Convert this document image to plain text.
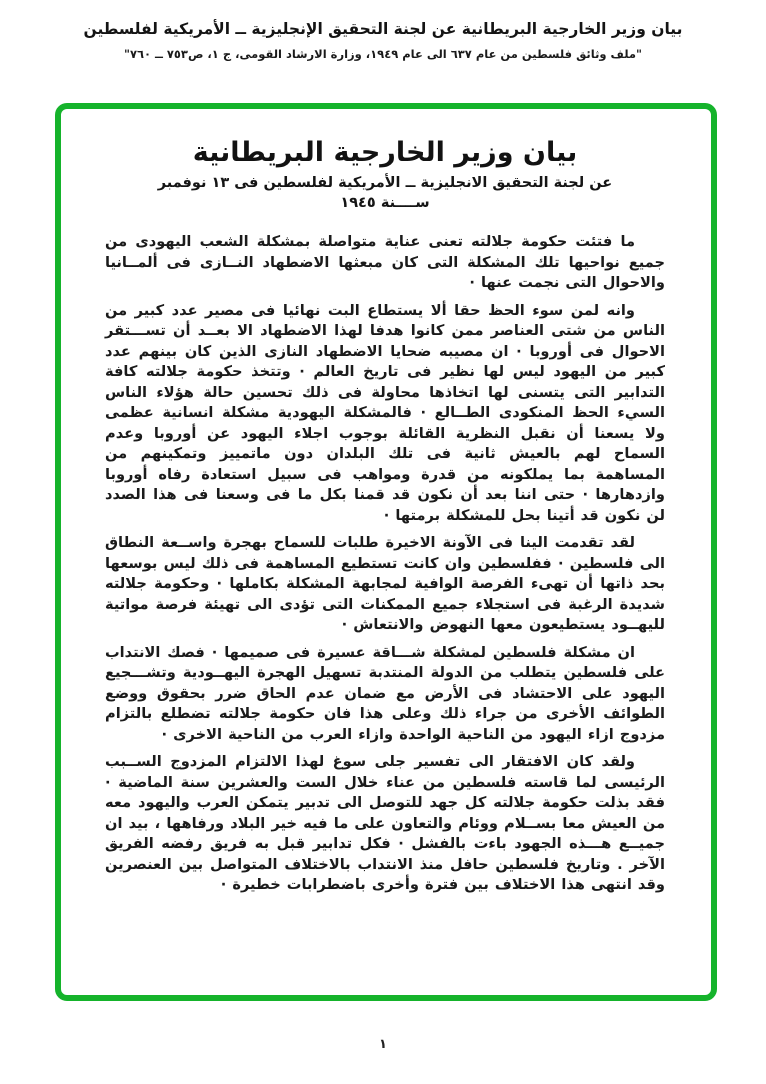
بيان وزير الخارجية البريطانية عن لجنة التحقيق الإنجليزية ــ الأمريكية لفلسطين
"ملف وثائق فلسطين من عام ٦٣٧ الى عام ١٩٤٩، وزارة الارشاد القومى، ج ١، ص٧٥٣ ــ ٧٦٠"
بيان وزير الخارجية البريطانية
عن لجنة التحقيق الانجليزية ــ الأمريكية لفلسطين فى ١٣ نوفمبر
ســــنة ١٩٤٥

ما فتئت حكومة جلالته تعنى عناية متواصلة بمشكلة الشعب اليهودى من جميع نواحيها تلك المشكلة التى كان مبعثها الاضطهاد النــازى فى ألمــانيا والاحوال التى نجمت عنها ·

وانه لمن سوء الحظ حقا ألا يستطاع البت نهائيا فى مصير عدد كبير من الناس من شتى العناصر ممن كانوا هدفا لهذا الاضطهاد الا بعــد أن تســـتقر الاحوال فى أوروبا · ان مصيبه ضحايا الاضطهاد النازى الذين كان بينهم عدد كبير من اليهود ليس لها نظير فى تاريخ العالم · وتتخذ حكومة جلالته كافة التدابير التى يتسنى لها اتخاذها محاولة فى ذلك تحسين حالة هؤلاء الناس السيء الحظ المنكودى الطــالع · فالمشكلة اليهودية مشكلة انسانية عظمى ولا يسعنا أن نقبل النظرية القائلة بوجوب اجلاء اليهود عن أوروبا وعدم السماح لهم بالعيش ثانية فى تلك البلدان دون ماتمييز وتمكينهم من المساهمة بما يملكونه من قدرة ومواهب فى سبيل استعادة رفاه أوروبا وازدهارها · حتى اننا بعد أن نكون قد قمنا بكل ما فى وسعنا فى هذا الصدد لن نكون قد أتينا بحل للمشكلة برمتها ·

لقد تقدمت الينا فى الآونة الاخيرة طلبات للسماح بهجرة واســعة النطاق الى فلسطين · ففلسطين وان كانت تستطيع المساهمة فى ذلك ليس بوسعها بحد ذاتها أن تهىء الفرصة الوافية لمجابهة المشكلة بكاملها · وحكومة جلالته شديدة الرغبة فى استجلاء جميع الممكنات التى تؤدى الى تهيئة فرصة مواتية لليهــود يستطيعون معها النهوض والانتعاش ·

ان مشكلة فلسطين لمشكلة شـــاقة عسيرة فى صميمها · فصك الانتداب على فلسطين يتطلب من الدولة المنتدبة تسهيل الهجرة اليهــودية وتشـــجيع اليهود على الاحتشاد فى الأرض مع ضمان عدم الحاق ضرر بحقوق ووضع الطوائف الأخرى من جراء ذلك وعلى هذا فان حكومة جلالته تضطلع بالتزام مزدوج ازاء اليهود من الناحية الواحدة وازاء العرب من الناحية الاخرى ·

ولقد كان الافتقار الى تفسير جلى سوغ لهذا الالتزام المزدوج الســبب الرئيسى لما قاسته فلسطين من عناء خلال الست والعشرين سنة الماضية · فقد بذلت حكومة جلالته كل جهد للتوصل الى تدبير يتمكن العرب واليهود معه من العيش معا بســلام ووئام والتعاون على ما فيه خير البلاد ورفاهها ، بيد ان جميــع هـــذه الجهود باءت بالفشل · فكل تدابير قبل به فريق رفضه الفريق الآخر . وتاريخ فلسطين حافل منذ الانتداب بالاختلاف المتواصل بين العنصرين وقد انتهى هذا الاختلاف بين فترة وأخرى باضطرابات خطيرة ·

١
